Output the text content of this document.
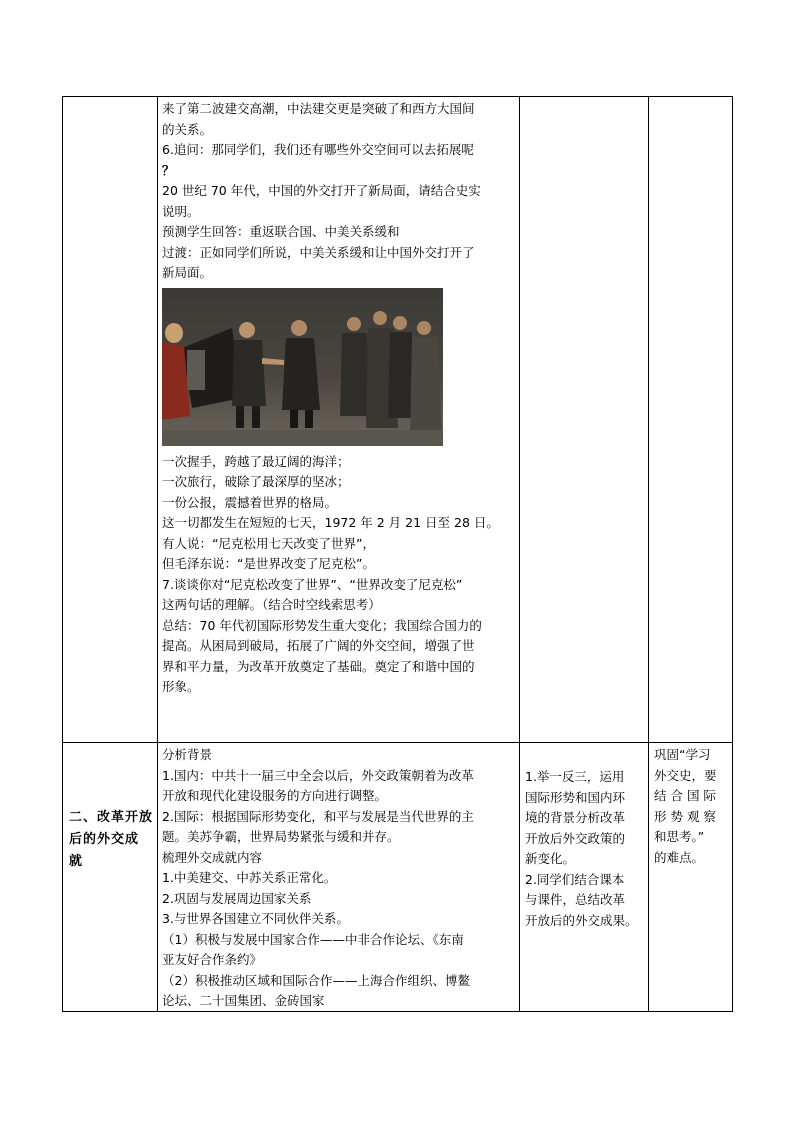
来了第二波建交高潮，中法建交更是突破了和西方大国间

的关系。

6.追问：那同学们，我们还有哪些外交空间可以去拓展呢

？

20 世纪 70 年代，中国的外交打开了新局面，请结合史实

说明。

预测学生回答：重返联合国、中美关系缓和

过渡：正如同学们所说，中美关系缓和让中国外交打开了

新局面。

一次握手，跨越了最辽阔的海洋；

一次旅行，破除了最深厚的坚冰；

一份公报，震撼着世界的格局。

这一切都发生在短短的七天，1972 年 2 月 21 日至 28 日。

有人说：“尼克松用七天改变了世界”，

但毛泽东说：“是世界改变了尼克松”。

7.谈谈你对“尼克松改变了世界”、“世界改变了尼克松”

这两句话的理解。（结合时空线索思考）

总结：70 年代初国际形势发生重大变化；我国综合国力的

提高。从困局到破局，拓展了广阔的外交空间，增强了世

界和平力量，为改革开放奠定了基础。奠定了和谐中国的

形象。

二、改革开放

后的外交成

就

分析背景

1.国内：中共十一届三中全会以后，外交政策朝着为改革

开放和现代化建设服务的方向进行调整。

2.国际：根据国际形势变化，和平与发展是当代世界的主

题。美苏争霸，世界局势紧张与缓和并存。

梳理外交成就内容

1.中美建交、中苏关系正常化。

2.巩固与发展周边国家关系

3.与世界各国建立不同伙伴关系。

（1）积极与发展中国家合作——中非合作论坛、《东南

亚友好合作条约》

（2）积极推动区域和国际合作——上海合作组织、博鳌

论坛、二十国集团、金砖国家

1.举一反三，运用

国际形势和国内环

境的背景分析改革

开放后外交政策的

新变化。

2.同学们结合课本

与课件，总结改革

开放后的外交成果。

巩固“学习

外交史，要

结 合 国 际

形 势 观 察

和思考。”

的难点。
